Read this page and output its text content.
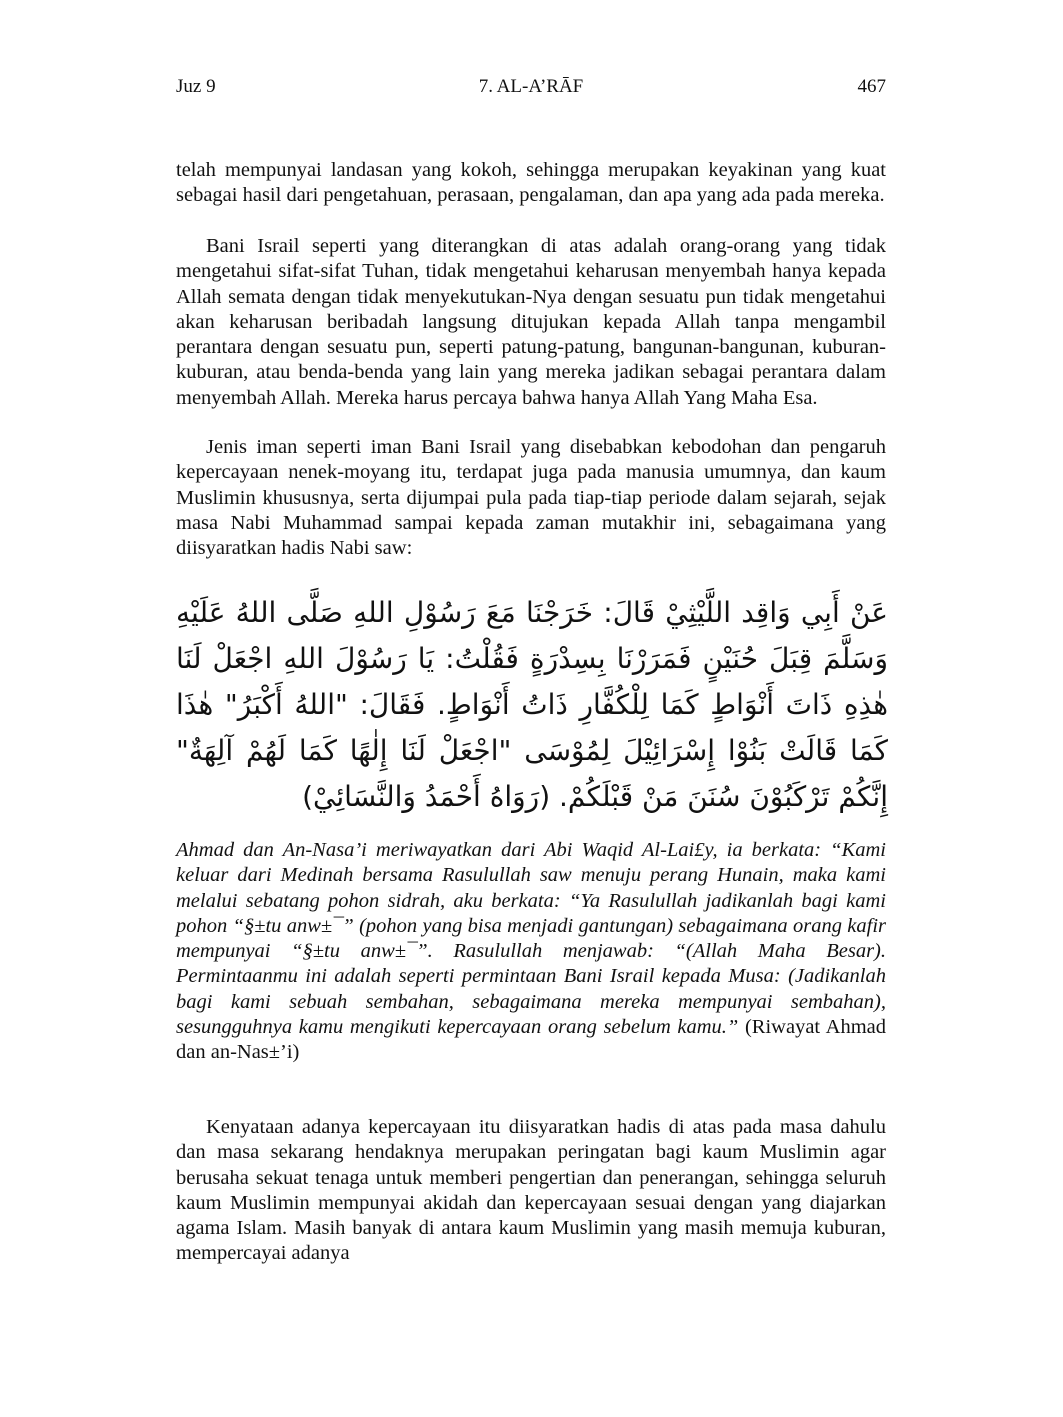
Juz 9	7. AL-A’RĀF	467

telah mempunyai landasan yang kokoh, sehingga merupakan keyakinan yang kuat sebagai hasil dari pengetahuan, perasaan, pengalaman, dan apa yang ada pada mereka.

Bani Israil seperti yang diterangkan di atas adalah orang-orang yang tidak mengetahui sifat-sifat Tuhan, tidak mengetahui keharusan menyembah hanya kepada Allah semata dengan tidak menyekutukan-Nya dengan sesuatu pun tidak mengetahui akan keharusan beribadah langsung ditujukan kepada Allah tanpa mengambil perantara dengan sesuatu pun, seperti patung-patung, bangunan-bangunan, kuburan-kuburan, atau benda-benda yang lain yang mereka jadikan sebagai perantara dalam menyembah Allah. Mereka harus percaya bahwa hanya Allah Yang Maha Esa.

Jenis iman seperti iman Bani Israil yang disebabkan kebodohan dan pengaruh kepercayaan nenek-moyang itu, terdapat juga pada manusia umumnya, dan kaum Muslimin khususnya, serta dijumpai pula pada tiap-tiap periode dalam sejarah, sejak masa Nabi Muhammad sampai kepada zaman mutakhir ini, sebagaimana yang diisyaratkan hadis Nabi saw:

عَنْ أَبِي وَاقِد اللَّيْثِيْ قَالَ: خَرَجْنَا مَعَ رَسُوْلِ اللهِ صَلَّى اللهُ عَلَيْهِ وَسَلَّمَ قِبَلَ حُنَيْنٍ فَمَرَرْنَا بِسِدْرَةٍ فَقُلْتُ: يَا رَسُوْلَ اللهِ اجْعَلْ لَنَا هٰذِهِ ذَاتَ أَنْوَاطٍ كَمَا لِلْكُفَّارِ ذَاتُ أَنْوَاطٍ. فَقَالَ: "اللهُ أَكْبَرُ" هٰذَا كَمَا قَالَتْ بَنُوْا إِسْرَائِيْلَ لِمُوْسَى "اجْعَلْ لَنَا إِلٰهًا كَمَا لَهُمْ آلِهَةٌ" إِنَّكُمْ تَرْكَبُوْنَ سُنَنَ مَنْ قَبْلَكُمْ. (رَوَاهُ أَحْمَدُ وَالنَّسَائِيْ)

Ahmad dan An-Nasa’i meriwayatkan dari Abi Waqid Al-Lai£y, ia berkata: “Kami keluar dari Medinah bersama Rasulullah saw menuju perang Hunain, maka kami melalui sebatang pohon sidrah, aku berkata: “Ya Rasulullah jadikanlah bagi kami pohon “§±tu anw±¯” (pohon yang bisa menjadi gantungan) sebagaimana orang kafir mempunyai “§±tu anw±¯”. Rasulullah menjawab: “(Allah Maha Besar). Permintaanmu ini adalah seperti permintaan Bani Israil kepada Musa: (Jadikanlah bagi kami sebuah sembahan, sebagaimana mereka mempunyai sembahan), sesungguhnya kamu mengikuti kepercayaan orang sebelum kamu.” (Riwayat Ahmad dan an-Nas±’i)

Kenyataan adanya kepercayaan itu diisyaratkan hadis di atas pada masa dahulu dan masa sekarang hendaknya merupakan peringatan bagi kaum Muslimin agar berusaha sekuat tenaga untuk memberi pengertian dan penerangan, sehingga seluruh kaum Muslimin mempunyai akidah dan kepercayaan sesuai dengan yang diajarkan agama Islam. Masih banyak di antara kaum Muslimin yang masih memuja kuburan, mempercayai adanya
